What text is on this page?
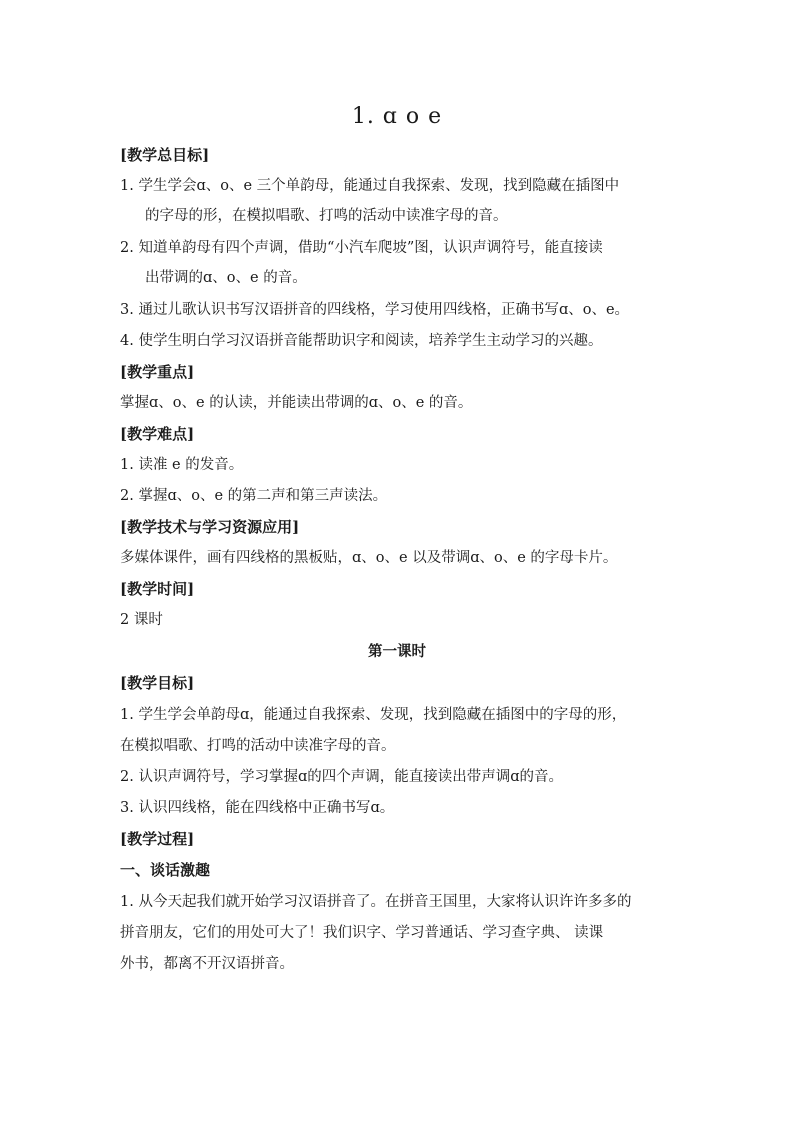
1. ɑ o e
[教学总目标]
1. 学生学会ɑ、o、e 三个单韵母，能通过自我探索、发现，找到隐藏在插图中
的字母的形，在模拟唱歌、打鸣的活动中读准字母的音。
2. 知道单韵母有四个声调，借助“小汽车爬坡”图，认识声调符号，能直接读
出带调的ɑ、o、e 的音。
3. 通过儿歌认识书写汉语拼音的四线格，学习使用四线格，正确书写ɑ、o、e。
4. 使学生明白学习汉语拼音能帮助识字和阅读，培养学生主动学习的兴趣。
[教学重点]
掌握ɑ、o、e 的认读，并能读出带调的ɑ、o、e 的音。
[教学难点]
1. 读准 e 的发音。
2. 掌握ɑ、o、e 的第二声和第三声读法。
[教学技术与学习资源应用]
多媒体课件，画有四线格的黑板贴，ɑ、o、e 以及带调ɑ、o、e 的字母卡片。
[教学时间]
2 课时
第一课时
[教学目标]
1. 学生学会单韵母ɑ，能通过自我探索、发现，找到隐藏在插图中的字母的形，
在模拟唱歌、打鸣的活动中读准字母的音。
2. 认识声调符号，学习掌握ɑ的四个声调，能直接读出带声调ɑ的音。
3. 认识四线格，能在四线格中正确书写ɑ。
[教学过程]
一、谈话激趣
1. 从今天起我们就开始学习汉语拼音了。在拼音王国里，大家将认识许许多多的
拼音朋友，它们的用处可大了！我们识字、学习普通话、学习查字典、 读课
外书，都离不开汉语拼音。
